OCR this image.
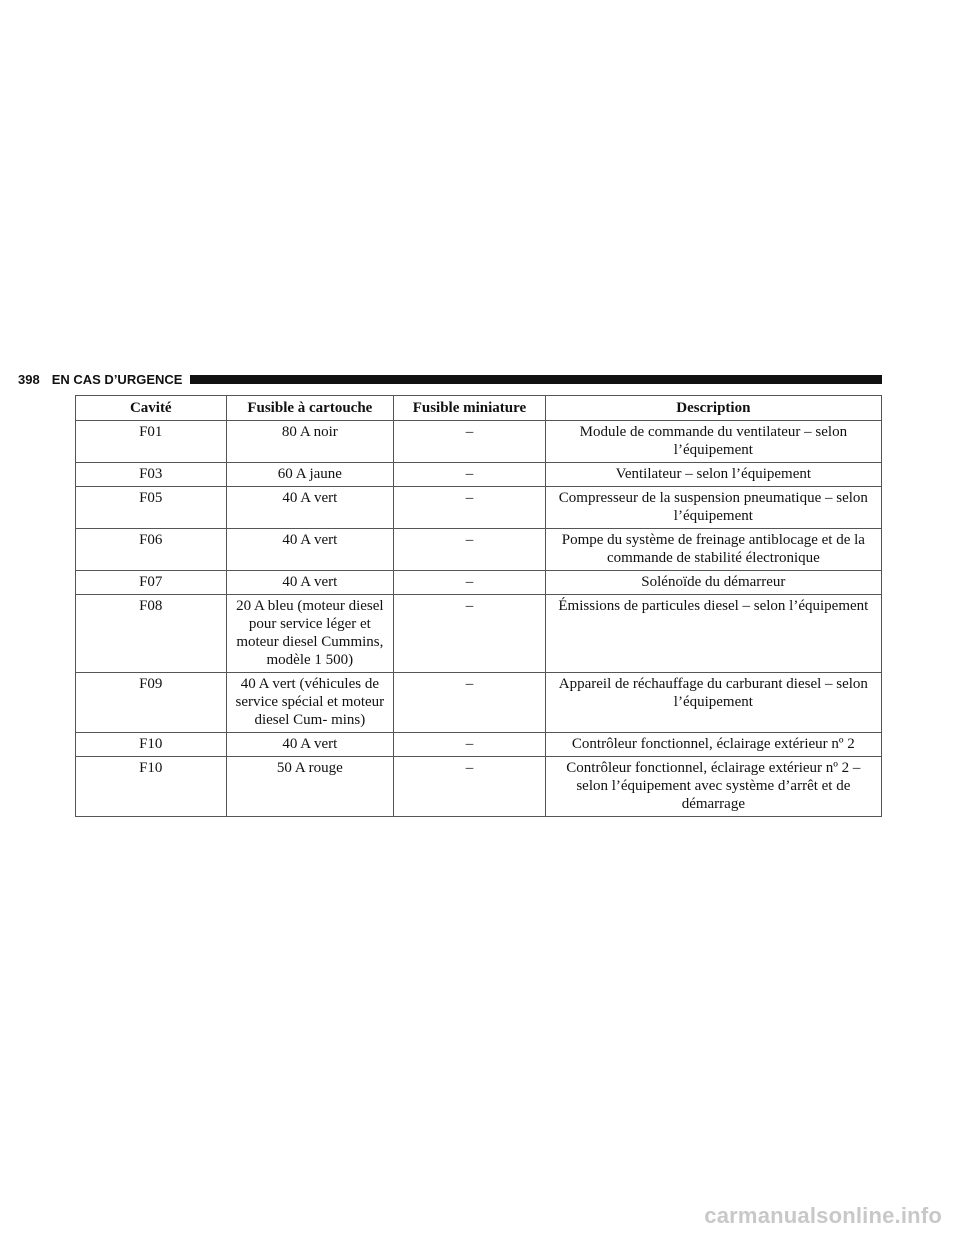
398 EN CAS D’URGENCE
Cavité	Fusible à cartouche	Fusible miniature	Description
F01	80 A noir	–	Module de commande du ventilateur – selon l’équipement
F03	60 A jaune	–	Ventilateur – selon l’équipement
F05	40 A vert	–	Compresseur de la suspension pneumatique – selon l’équipement
F06	40 A vert	–	Pompe du système de freinage antiblocage et de la commande de stabilité électronique
F07	40 A vert	–	Solénoïde du démarreur
F08	20 A bleu (moteur diesel pour service léger et moteur diesel Cummins, modèle 1 500)	–	Émissions de particules diesel – selon l’équipement
F09	40 A vert (véhicules de service spécial et moteur diesel Cum- mins)	–	Appareil de réchauffage du carburant diesel – selon l’équipement
F10	40 A vert	–	Contrôleur fonctionnel, éclairage extérieur nº 2
F10	50 A rouge	–	Contrôleur fonctionnel, éclairage extérieur nº 2 – selon l’équipement avec système d’arrêt et de démarrage
carmanualsonline.info
